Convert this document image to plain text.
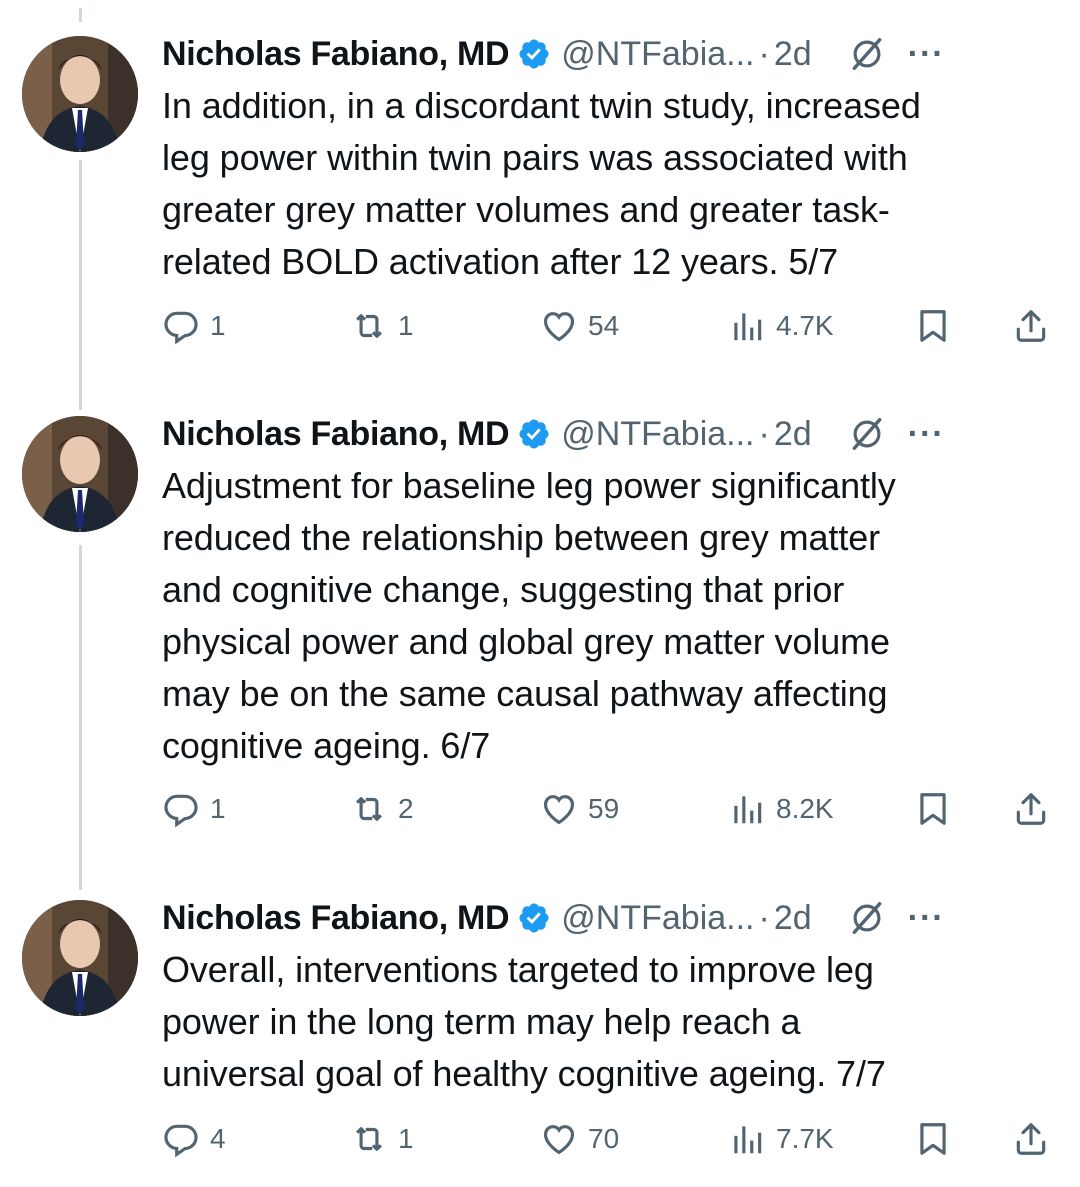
Nicholas Fabiano, MD @NTFabia... · 2d	···
In addition, in a discordant twin study, increased
leg power within twin pairs was associated with
greater grey matter volumes and greater task-
related BOLD activation after 12 years. 5/7
1	1	54	4.7K
Nicholas Fabiano, MD @NTFabia... · 2d	···
Adjustment for baseline leg power significantly
reduced the relationship between grey matter
and cognitive change, suggesting that prior
physical power and global grey matter volume
may be on the same causal pathway affecting
cognitive ageing. 6/7
1	2	59	8.2K
Nicholas Fabiano, MD @NTFabia... · 2d	···
Overall, interventions targeted to improve leg
power in the long term may help reach a
universal goal of healthy cognitive ageing. 7/7
4	1	70	7.7K
